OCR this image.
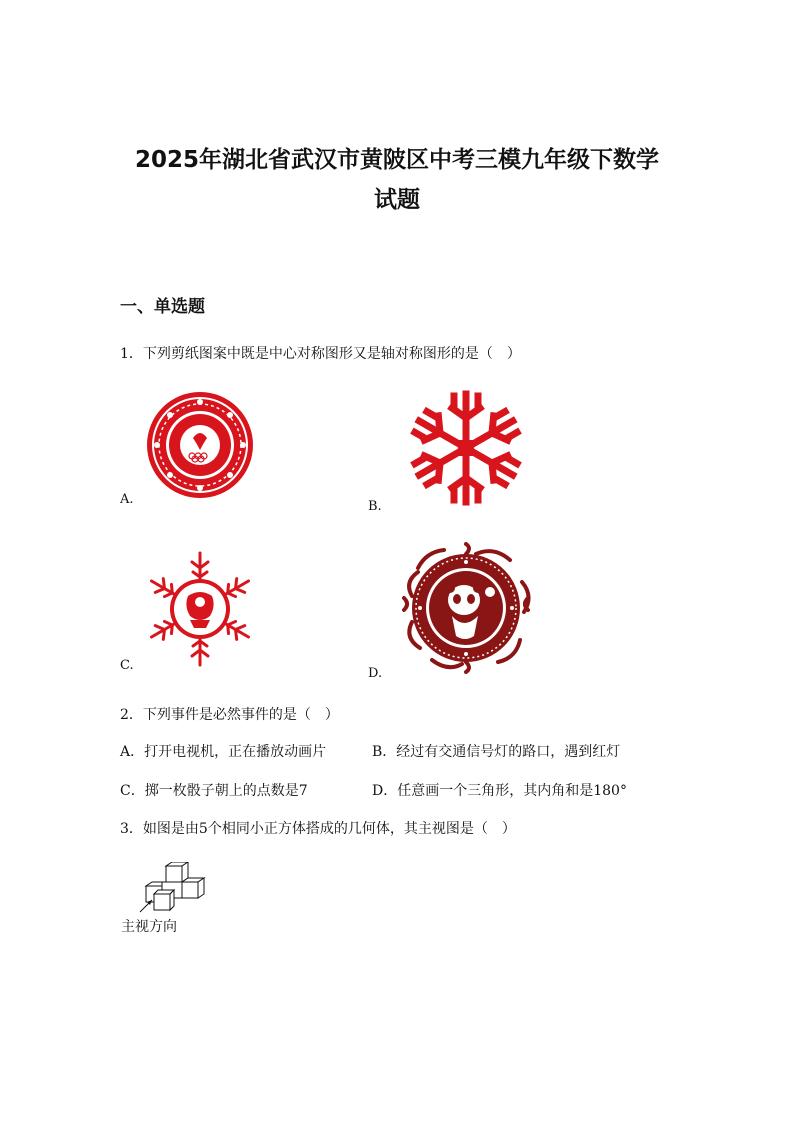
2025年湖北省武汉市黄陂区中考三模九年级下数学
试题
一、单选题
1．下列剪纸图案中既是中心对称图形又是轴对称图形的是（　）
A.	B.
C.
D.
2．下列事件是必然事件的是（　）
A．打开电视机，正在播放动画片	B．经过有交通信号灯的路口，遇到红灯
C．掷一枚骰子朝上的点数是7	D．任意画一个三角形，其内角和是180°
3．如图是由5个相同小正方体搭成的几何体，其主视图是（　）
主视方向
